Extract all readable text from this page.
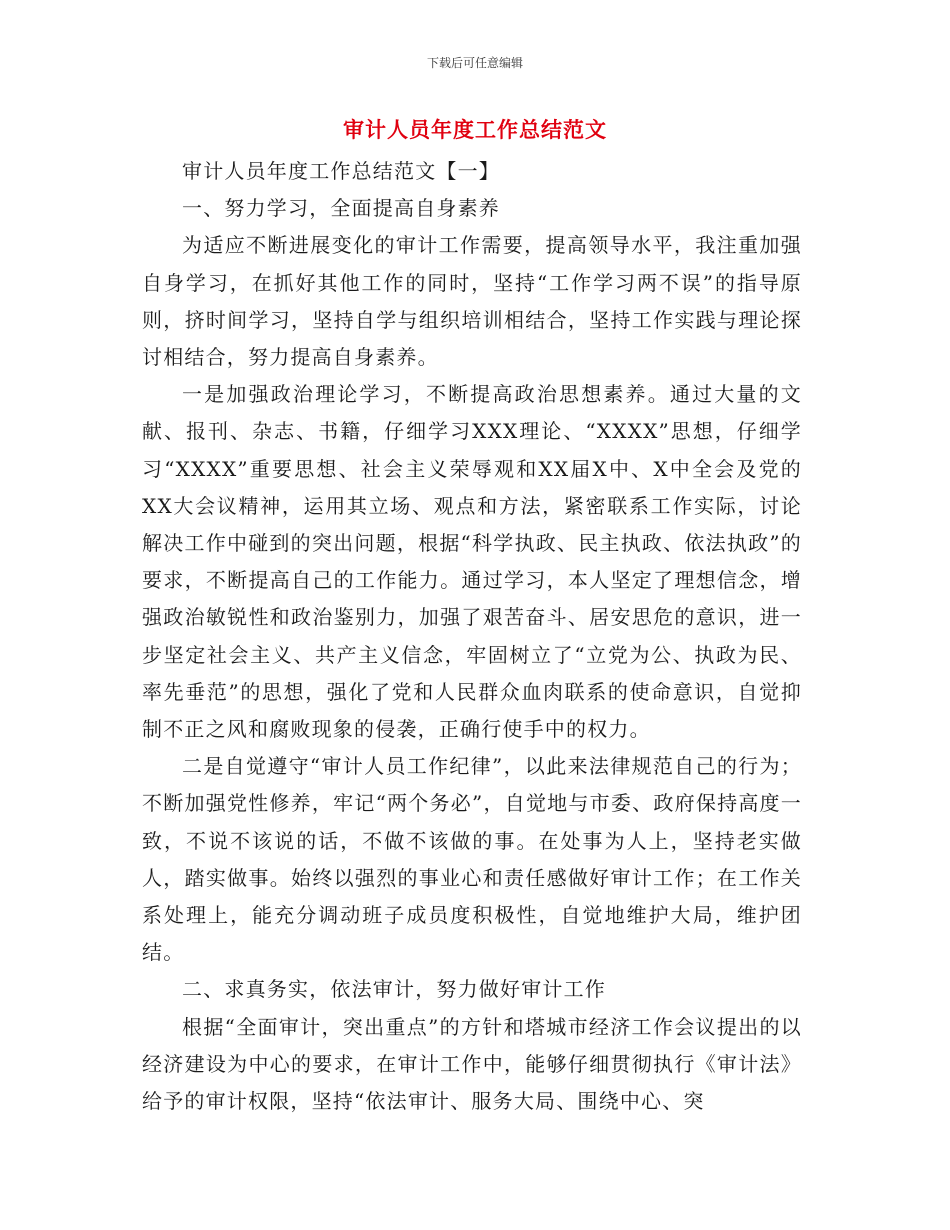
下载后可任意编辑
审计人员年度工作总结范文

审计人员年度工作总结范文【一】

一、努力学习，全面提高自身素养

为适应不断进展变化的审计工作需要，提高领导水平，我注重加强自身学习，在抓好其他工作的同时，坚持“工作学习两不误”的指导原则，挤时间学习，坚持自学与组织培训相结合，坚持工作实践与理论探讨相结合，努力提高自身素养。

一是加强政治理论学习，不断提高政治思想素养。通过大量的文献、报刊、杂志、书籍，仔细学习XXX理论、“XXXX”思想，仔细学习“XXXX”重要思想、社会主义荣辱观和XX届X中、X中全会及党的XX大会议精神，运用其立场、观点和方法，紧密联系工作实际，讨论解决工作中碰到的突出问题，根据“科学执政、民主执政、依法执政”的要求，不断提高自己的工作能力。通过学习，本人坚定了理想信念，增强政治敏锐性和政治鉴别力，加强了艰苦奋斗、居安思危的意识，进一步坚定社会主义、共产主义信念，牢固树立了“立党为公、执政为民、率先垂范”的思想，强化了党和人民群众血肉联系的使命意识，自觉抑制不正之风和腐败现象的侵袭，正确行使手中的权力。

二是自觉遵守“审计人员工作纪律”，以此来法律规范自己的行为；不断加强党性修养，牢记“两个务必”，自觉地与市委、政府保持高度一致，不说不该说的话，不做不该做的事。在处事为人上，坚持老实做人，踏实做事。始终以强烈的事业心和责任感做好审计工作；在工作关系处理上，能充分调动班子成员度积极性，自觉地维护大局，维护团结。

二、求真务实，依法审计，努力做好审计工作

根据“全面审计，突出重点”的方针和塔城市经济工作会议提出的以经济建设为中心的要求，在审计工作中，能够仔细贯彻执行《审计法》给予的审计权限，坚持“依法审计、服务大局、围绕中心、突
